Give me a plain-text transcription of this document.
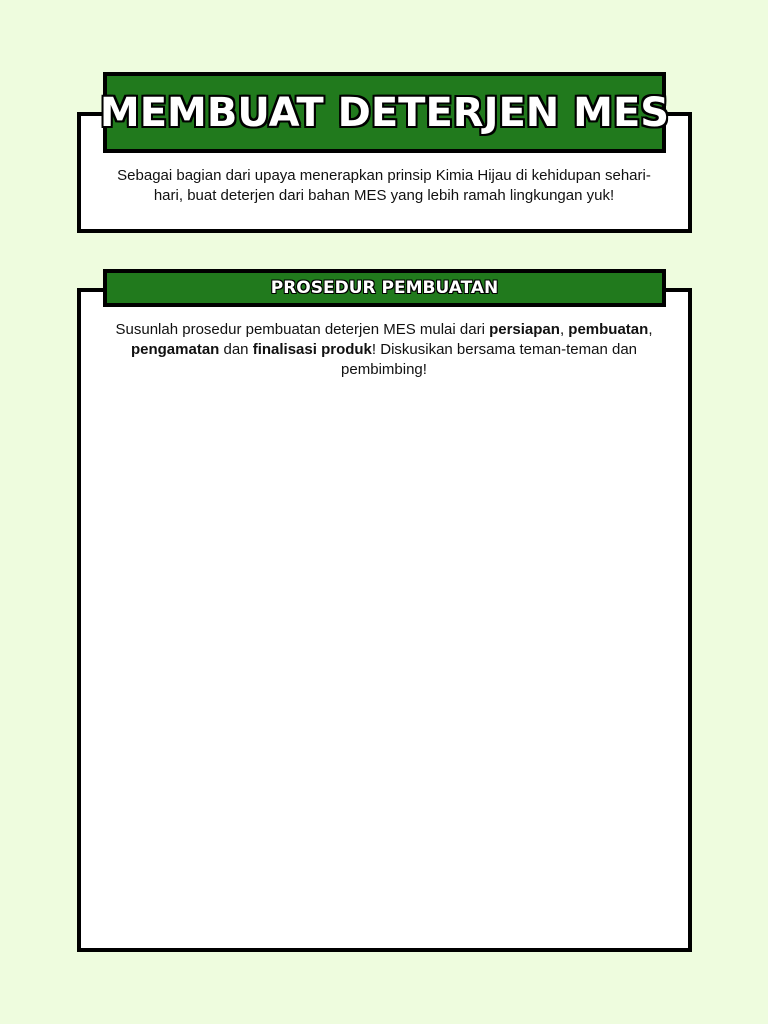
MEMBUAT DETERJEN MES
Sebagai bagian dari upaya menerapkan prinsip Kimia Hijau di kehidupan sehari-hari, buat deterjen dari bahan MES yang lebih ramah lingkungan yuk!
PROSEDUR PEMBUATAN
Susunlah prosedur pembuatan deterjen MES mulai dari persiapan, pembuatan, pengamatan dan finalisasi produk! Diskusikan bersama teman-teman dan pembimbing!
